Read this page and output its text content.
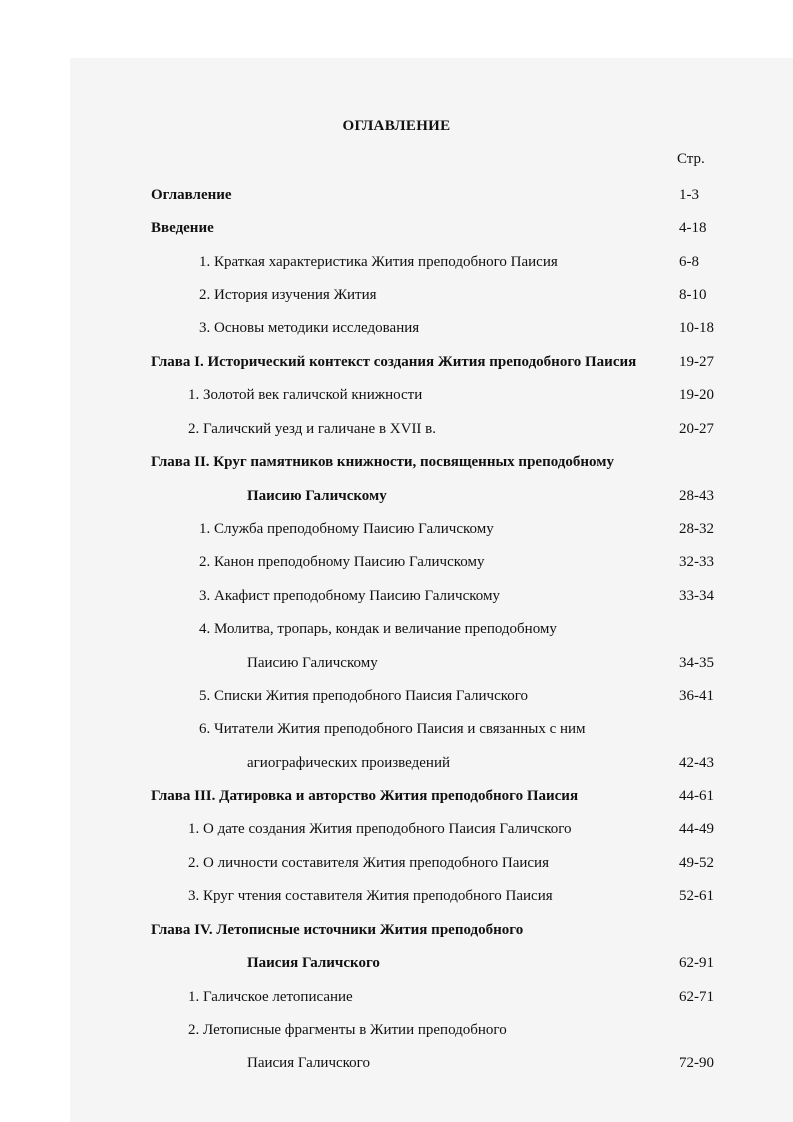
ОГЛАВЛЕНИЕ
Стр.
Оглавление	1-3
Введение	4-18
1. Краткая характеристика Жития преподобного Паисия	6-8
2. История изучения Жития	8-10
3. Основы методики исследования	10-18
Глава I. Исторический контекст создания Жития преподобного Паисия	19-27
1. Золотой век галичской книжности	19-20
2. Галичский уезд и галичане в XVII в.	20-27
Глава II. Круг памятников книжности, посвященных преподобному
Паисию Галичскому	28-43
1. Служба преподобному Паисию Галичскому	28-32
2. Канон преподобному Паисию Галичскому	32-33
3. Акафист преподобному Паисию Галичскому	33-34
4. Молитва, тропарь, кондак и величание преподобному
Паисию Галичскому	34-35
5. Списки Жития преподобного Паисия Галичского	36-41
6. Читатели Жития преподобного Паисия и связанных с ним
агиографических произведений	42-43
Глава III. Датировка и авторство Жития преподобного Паисия	44-61
1. О дате создания Жития преподобного Паисия Галичского	44-49
2. О личности составителя Жития преподобного Паисия	49-52
3. Круг чтения составителя Жития преподобного Паисия	52-61
Глава IV. Летописные источники Жития преподобного
Паисия Галичского	62-91
1. Галичское летописание	62-71
2. Летописные фрагменты в Житии преподобного
Паисия Галичского	72-90
